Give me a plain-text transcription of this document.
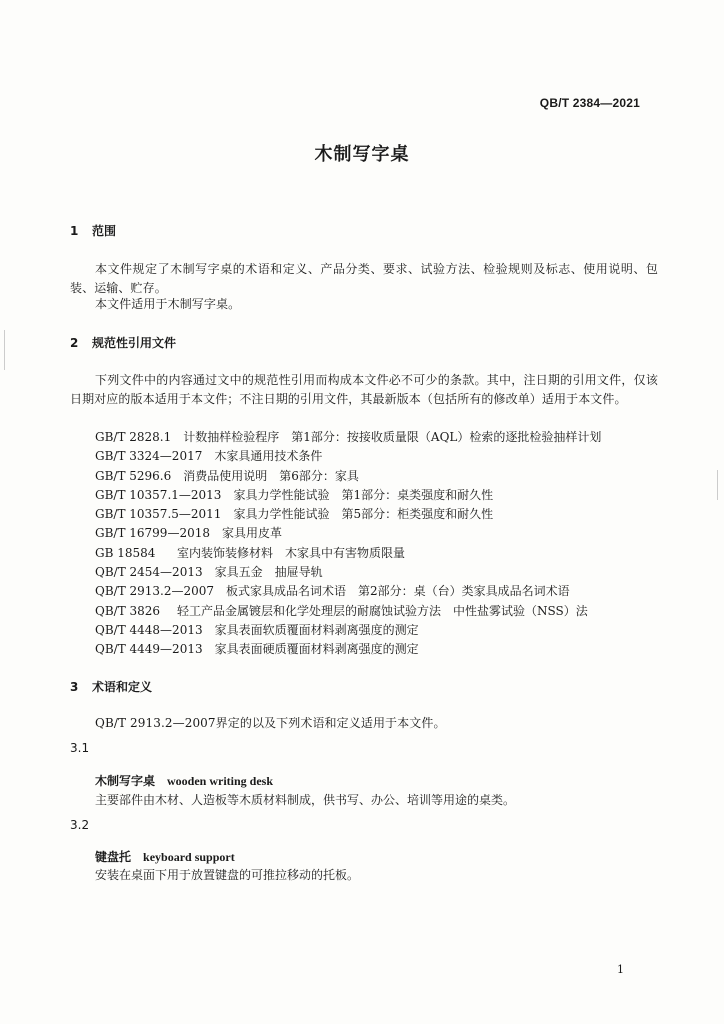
QB/T 2384—2021
木制写字桌
1 范围
本文件规定了木制写字桌的术语和定义、产品分类、要求、试验方法、检验规则及标志、使用说明、包装、运输、贮存。
本文件适用于木制写字桌。
2 规范性引用文件
下列文件中的内容通过文中的规范性引用而构成本文件必不可少的条款。其中，注日期的引用文件，仅该日期对应的版本适用于本文件；不注日期的引用文件，其最新版本（包括所有的修改单）适用于本文件。
GB/T 2828.1 计数抽样检验程序　第1部分：按接收质量限（AQL）检索的逐批检验抽样计划
GB/T 3324—2017 木家具通用技术条件
GB/T 5296.6 消费品使用说明　第6部分：家具
GB/T 10357.1—2013 家具力学性能试验　第1部分：桌类强度和耐久性
GB/T 10357.5—2011 家具力学性能试验　第5部分：柜类强度和耐久性
GB/T 16799—2018 家具用皮革
GB 18584 室内装饰装修材料　木家具中有害物质限量
QB/T 2454—2013 家具五金　抽屉导轨
QB/T 2913.2—2007 板式家具成品名词术语　第2部分：桌（台）类家具成品名词术语
QB/T 3826 轻工产品金属镀层和化学处理层的耐腐蚀试验方法　中性盐雾试验（NSS）法
QB/T 4448—2013 家具表面软质覆面材料剥离强度的测定
QB/T 4449—2013 家具表面硬质覆面材料剥离强度的测定
3 术语和定义
QB/T 2913.2—2007界定的以及下列术语和定义适用于本文件。
3.1
木制写字桌 wooden writing desk
主要部件由木材、人造板等木质材料制成，供书写、办公、培训等用途的桌类。
3.2
键盘托 keyboard support
安装在桌面下用于放置键盘的可推拉移动的托板。
1
